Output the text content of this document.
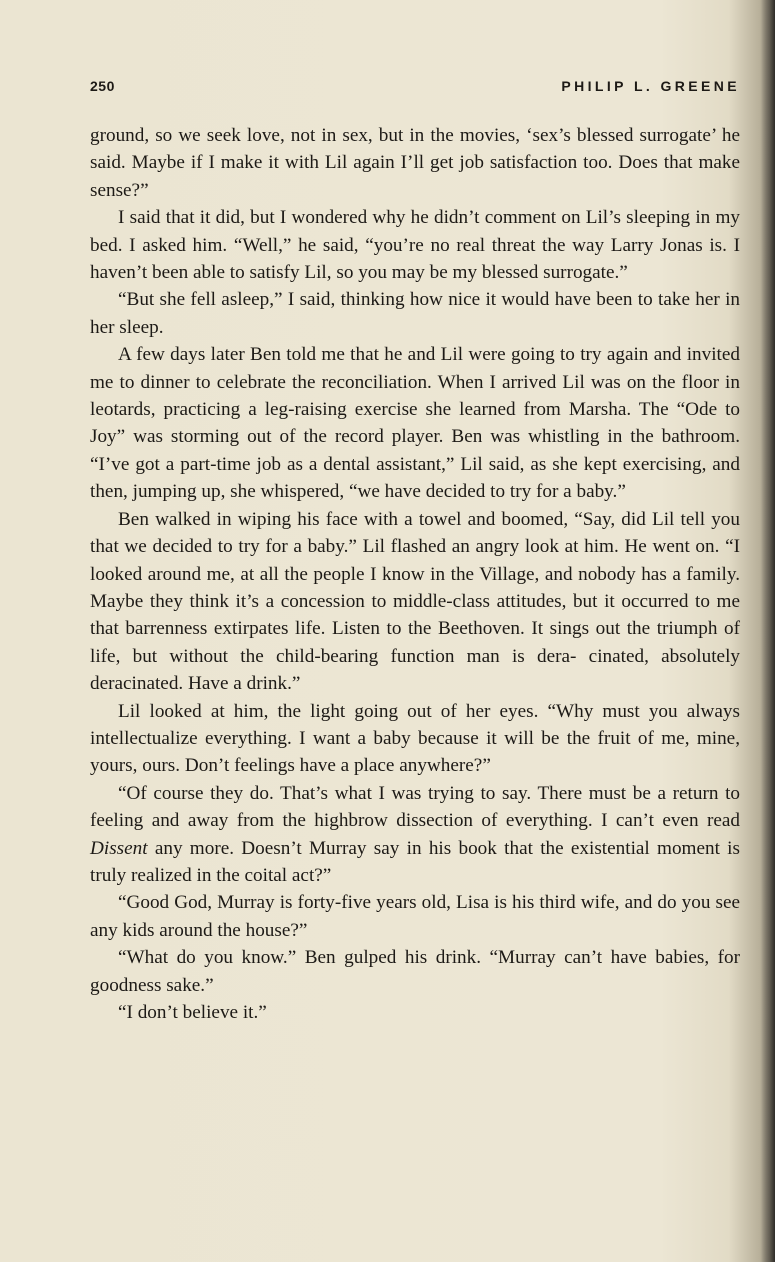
250	PHILIP L. GREENE

ground, so we seek love, not in sex, but in the movies, ‘sex’s blessed surrogate’ he said. Maybe if I make it with Lil again I’ll get job satisfaction too. Does that make sense?”

I said that it did, but I wondered why he didn’t comment on Lil’s sleeping in my bed. I asked him. “Well,” he said, “you’re no real threat the way Larry Jonas is. I haven’t been able to satisfy Lil, so you may be my blessed surrogate.”

“But she fell asleep,” I said, thinking how nice it would have been to take her in her sleep.

A few days later Ben told me that he and Lil were going to try again and invited me to dinner to celebrate the reconciliation. When I arrived Lil was on the floor in leotards, practicing a leg-raising exercise she learned from Marsha. The “Ode to Joy” was storming out of the record player. Ben was whistling in the bathroom. “I’ve got a part-time job as a dental assistant,” Lil said, as she kept exercising, and then, jumping up, she whispered, “we have decided to try for a baby.”

Ben walked in wiping his face with a towel and boomed, “Say, did Lil tell you that we decided to try for a baby.” Lil flashed an angry look at him. He went on. “I looked around me, at all the people I know in the Village, and nobody has a family. Maybe they think it’s a concession to middle-class attitudes, but it occurred to me that barrenness extirpates life. Listen to the Beethoven. It sings out the triumph of life, but without the child-bearing function man is dera- cinated, absolutely deracinated. Have a drink.”

Lil looked at him, the light going out of her eyes. “Why must you always intellectualize everything. I want a baby because it will be the fruit of me, mine, yours, ours. Don’t feelings have a place anywhere?”

“Of course they do. That’s what I was trying to say. There must be a return to feeling and away from the highbrow dissection of everything. I can’t even read Dissent any more. Doesn’t Murray say in his book that the existential moment is truly realized in the coital act?”

“Good God, Murray is forty-five years old, Lisa is his third wife, and do you see any kids around the house?”

“What do you know.” Ben gulped his drink. “Murray can’t have babies, for goodness sake.”

“I don’t believe it.”
